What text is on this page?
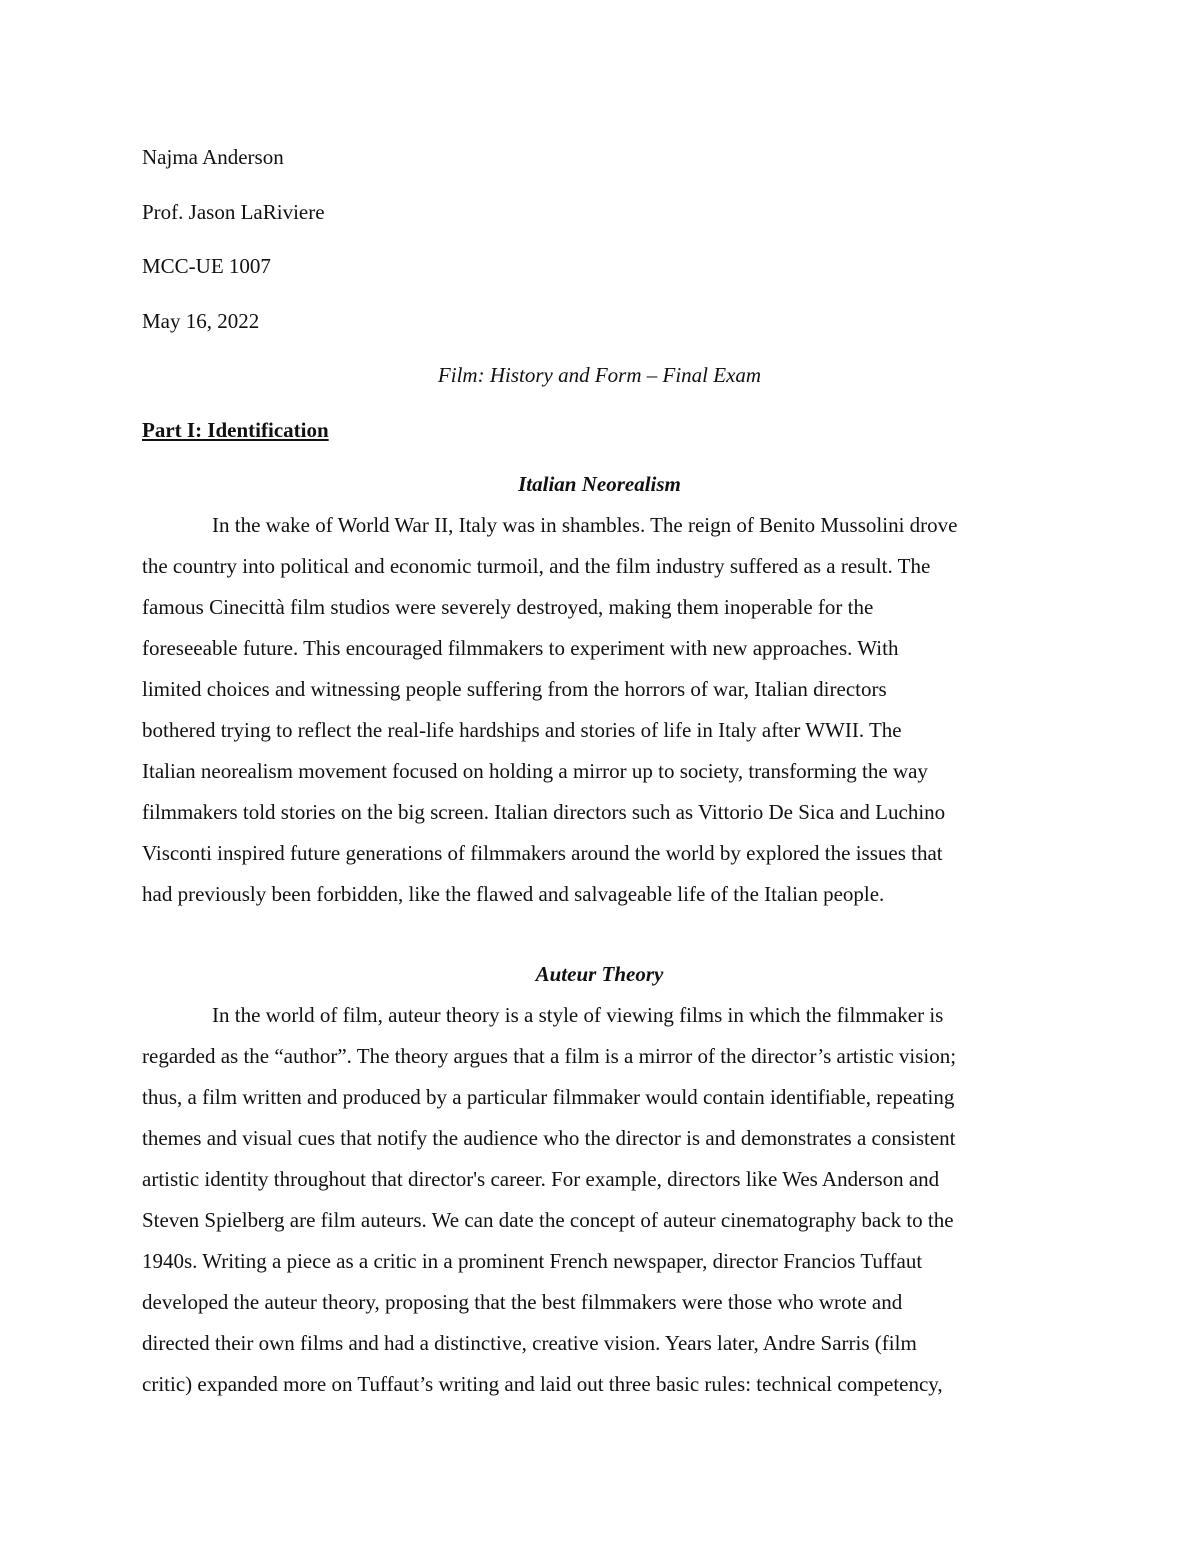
Najma Anderson

Prof. Jason LaRiviere

MCC-UE 1007

May 16, 2022

Film: History and Form – Final Exam

Part I: Identification

Italian Neorealism

In the wake of World War II, Italy was in shambles. The reign of Benito Mussolini drove
the country into political and economic turmoil, and the film industry suffered as a result. The
famous Cinecittà film studios were severely destroyed, making them inoperable for the
foreseeable future. This encouraged filmmakers to experiment with new approaches. With
limited choices and witnessing people suffering from the horrors of war, Italian directors
bothered trying to reflect the real-life hardships and stories of life in Italy after WWII. The
Italian neorealism movement focused on holding a mirror up to society, transforming the way
filmmakers told stories on the big screen. Italian directors such as Vittorio De Sica and Luchino
Visconti inspired future generations of filmmakers around the world by explored the issues that
had previously been forbidden, like the flawed and salvageable life of the Italian people.

Auteur Theory

In the world of film, auteur theory is a style of viewing films in which the filmmaker is
regarded as the “author”. The theory argues that a film is a mirror of the director’s artistic vision;
thus, a film written and produced by a particular filmmaker would contain identifiable, repeating
themes and visual cues that notify the audience who the director is and demonstrates a consistent
artistic identity throughout that director's career. For example, directors like Wes Anderson and
Steven Spielberg are film auteurs. We can date the concept of auteur cinematography back to the
1940s. Writing a piece as a critic in a prominent French newspaper, director Francios Tuffaut
developed the auteur theory, proposing that the best filmmakers were those who wrote and
directed their own films and had a distinctive, creative vision. Years later, Andre Sarris (film
critic) expanded more on Tuffaut’s writing and laid out three basic rules: technical competency,
